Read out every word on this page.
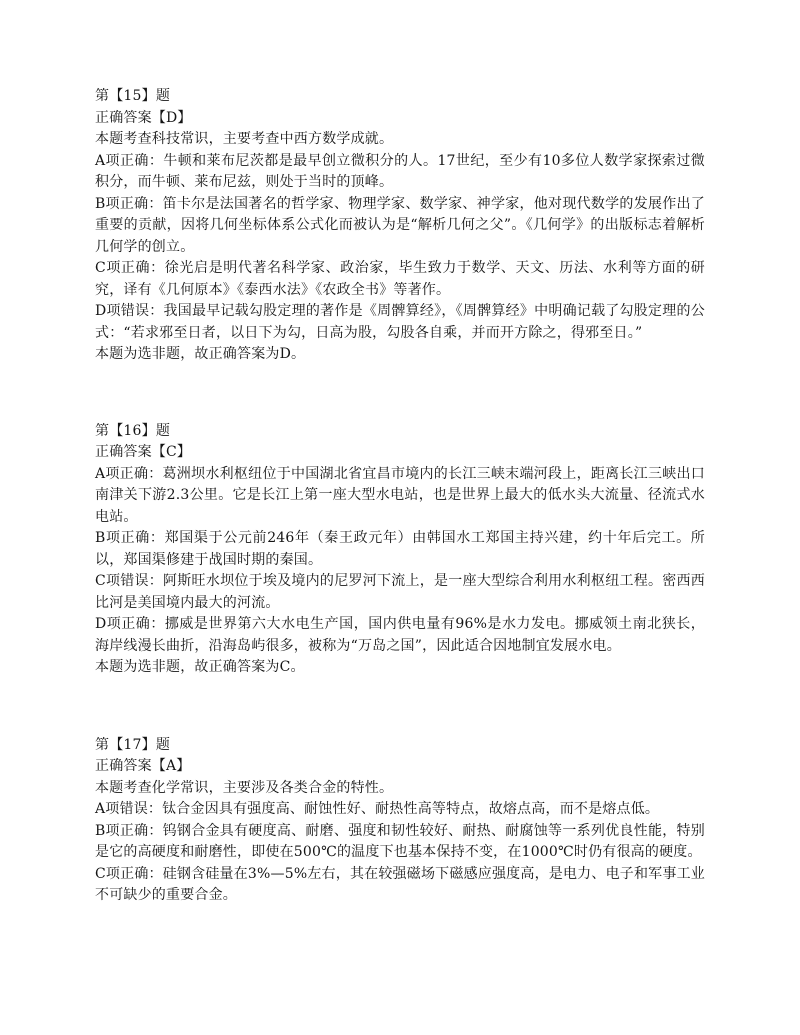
第【15】题

正确答案【D】

本题考查科技常识，主要考查中西方数学成就。

A项正确：牛顿和莱布尼茨都是最早创立微积分的人。17世纪，至少有10多位人数学家探索过微积分，而牛顿、莱布尼兹，则处于当时的顶峰。

B项正确：笛卡尔是法国著名的哲学家、物理学家、数学家、神学家，他对现代数学的发展作出了重要的贡献，因将几何坐标体系公式化而被认为是“解析几何之父”。《几何学》的出版标志着解析几何学的创立。

C项正确：徐光启是明代著名科学家、政治家，毕生致力于数学、天文、历法、水利等方面的研究，译有《几何原本》《泰西水法》《农政全书》等著作。

D项错误：我国最早记载勾股定理的著作是《周髀算经》，《周髀算经》中明确记载了勾股定理的公式：“若求邪至日者，以日下为勾，日高为股，勾股各自乘，并而开方除之，得邪至日。”

本题为选非题，故正确答案为D。

第【16】题

正确答案【C】

A项正确：葛洲坝水利枢纽位于中国湖北省宜昌市境内的长江三峡末端河段上，距离长江三峡出口南津关下游2.3公里。它是长江上第一座大型水电站，也是世界上最大的低水头大流量、径流式水电站。

B项正确：郑国渠于公元前246年（秦王政元年）由韩国水工郑国主持兴建，约十年后完工。所以，郑国渠修建于战国时期的秦国。

C项错误：阿斯旺水坝位于埃及境内的尼罗河下流上，是一座大型综合利用水利枢纽工程。密西西比河是美国境内最大的河流。

D项正确：挪威是世界第六大水电生产国，国内供电量有96%是水力发电。挪威领土南北狭长，海岸线漫长曲折，沿海岛屿很多，被称为“万岛之国”，因此适合因地制宜发展水电。

本题为选非题，故正确答案为C。

第【17】题

正确答案【A】

本题考查化学常识，主要涉及各类合金的特性。

A项错误：钛合金因具有强度高、耐蚀性好、耐热性高等特点，故熔点高，而不是熔点低。

B项正确：钨钢合金具有硬度高、耐磨、强度和韧性较好、耐热、耐腐蚀等一系列优良性能，特别是它的高硬度和耐磨性，即使在500℃的温度下也基本保持不变，在1000℃时仍有很高的硬度。

C项正确：硅钢含硅量在3%—5%左右，其在较强磁场下磁感应强度高，是电力、电子和军事工业不可缺少的重要合金。
